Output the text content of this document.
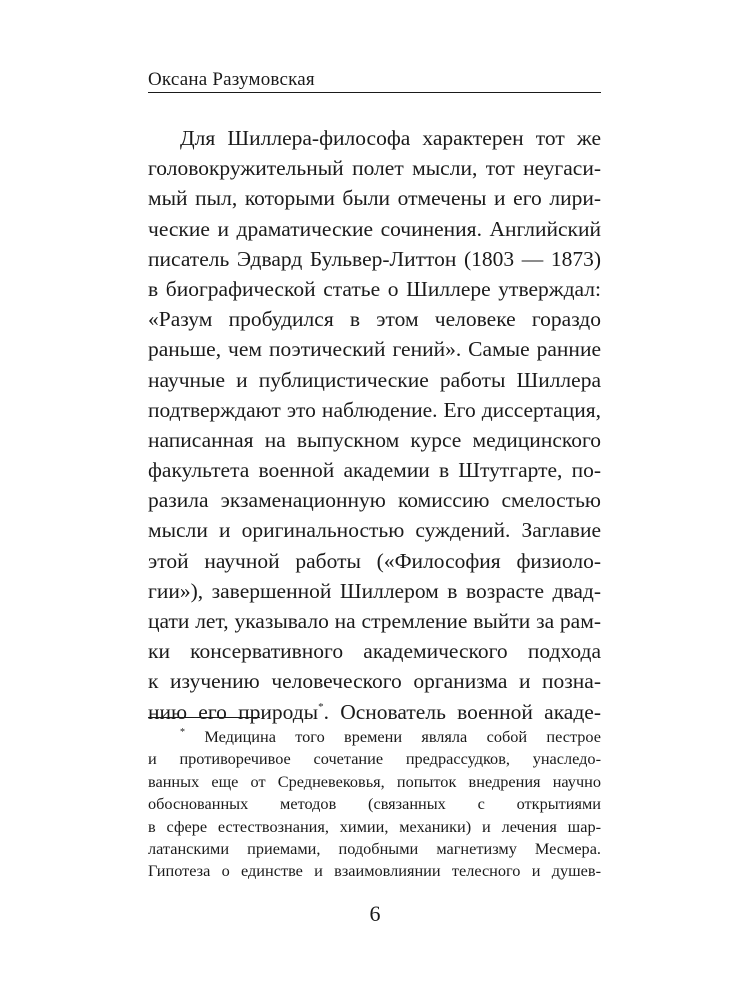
Оксана Разумовская
Для Шиллера-философа характерен тот же
головокружительный полет мысли, тот неугаси-
мый пыл, которыми были отмечены и его лири-
ческие и драматические сочинения. Английский
писатель Эдвард Бульвер-Литтон (1803 — 1873)
в биографической статье о Шиллере утверждал:
«Разум пробудился в этом человеке гораздо
раньше, чем поэтический гений». Самые ранние
научные и публицистические работы Шиллера
подтверждают это наблюдение. Его диссертация,
написанная на выпускном курсе медицинского
факультета военной академии в Штутгарте, по-
разила экзаменационную комиссию смелостью
мысли и оригинальностью суждений. Заглавие
этой научной работы («Философия физиоло-
гии»), завершенной Шиллером в возрасте двад-
цати лет, указывало на стремление выйти за рам-
ки консервативного академического подхода
к изучению человеческого организма и позна-
нию его природы*. Основатель военной акаде-
* Медицина того времени являла собой пестрое
и противоречивое сочетание предрассудков, унаследо-
ванных еще от Средневековья, попыток внедрения научно
обоснованных методов (связанных с открытиями
в сфере естествознания, химии, механики) и лечения шар-
латанскими приемами, подобными магнетизму Месмера.
Гипотеза о единстве и взаимовлиянии телесного и душев-
6
